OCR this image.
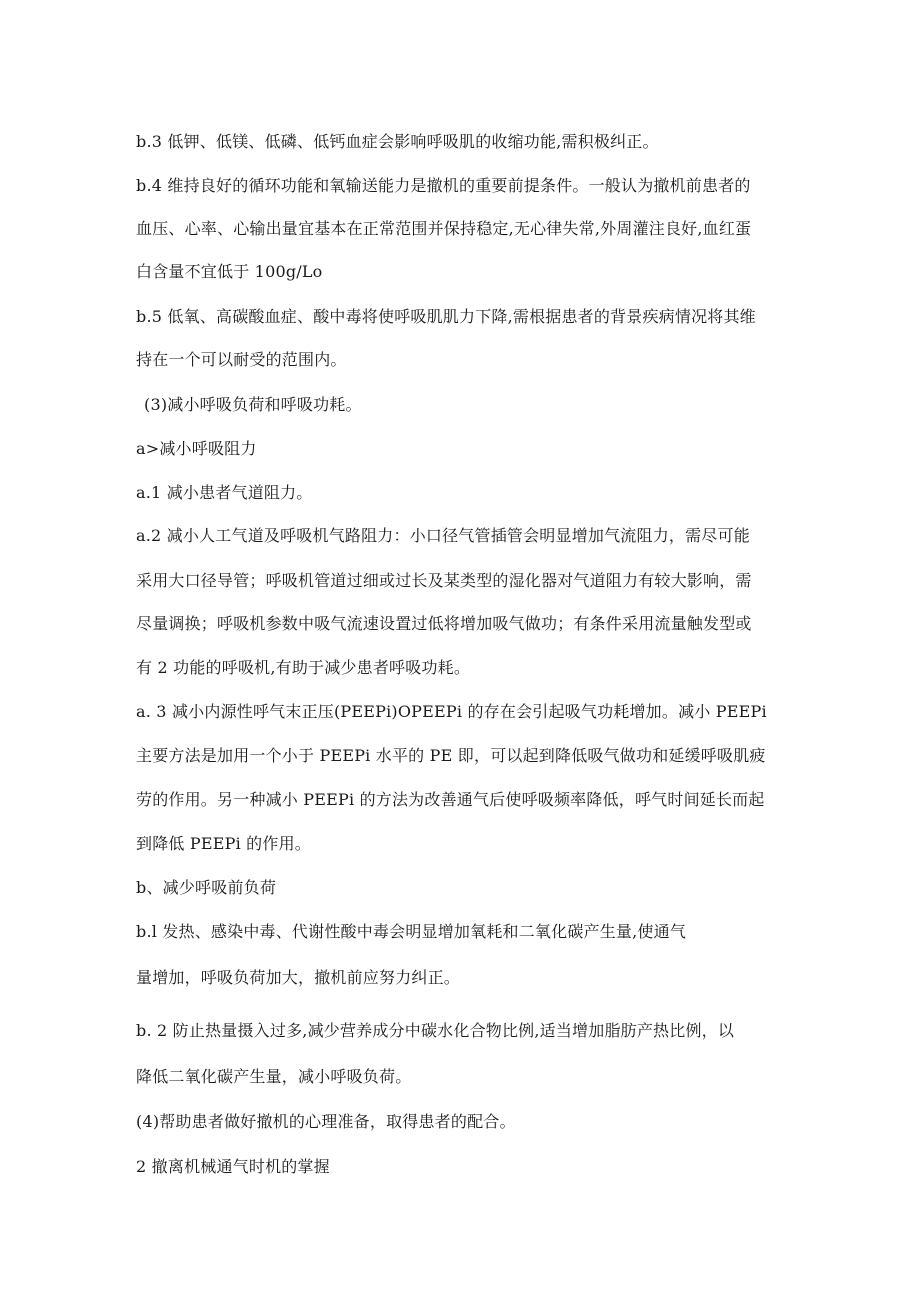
b.3 低钾、低镁、低磷、低钙血症会影响呼吸肌的收缩功能,需积极纠正。
b.4 维持良好的循环功能和氧输送能力是撤机的重要前提条件。一般认为撤机前患者的
血压、心率、心输出量宜基本在正常范围并保持稳定,无心律失常,外周灌注良好,血红蛋
白含量不宜低于 100g/Lo
b.5 低氧、高碳酸血症、酸中毒将使呼吸肌肌力下降,需根据患者的背景疾病情况将其维
持在一个可以耐受的范围内。
(3)减小呼吸负荷和呼吸功耗。
a>减小呼吸阻力
a.1 减小患者气道阻力。
a.2 减小人工气道及呼吸机气路阻力：小口径气管插管会明显增加气流阻力，需尽可能
采用大口径导管；呼吸机管道过细或过长及某类型的湿化器对气道阻力有较大影响，需
尽量调换；呼吸机参数中吸气流速设置过低将增加吸气做功；有条件采用流量触发型或
有 2 功能的呼吸机,有助于减少患者呼吸功耗。
a. 3 减小内源性呼气末正压(PEEPi)OPEEPi 的存在会引起吸气功耗增加。减小 PEEPi
主要方法是加用一个小于 PEEPi 水平的 PE 即，可以起到降低吸气做功和延缓呼吸肌疲
劳的作用。另一种减小 PEEPi 的方法为改善通气后使呼吸频率降低，呼气时间延长而起
到降低 PEEPi 的作用。
b、减少呼吸前负荷
b.l 发热、感染中毒、代谢性酸中毒会明显增加氧耗和二氧化碳产生量,使通气
量增加，呼吸负荷加大，撤机前应努力纠正。
b. 2 防止热量摄入过多,减少营养成分中碳水化合物比例,适当增加脂肪产热比例，以
降低二氧化碳产生量，减小呼吸负荷。
(4)帮助患者做好撤机的心理准备，取得患者的配合。
2 撤离机械通气时机的掌握
